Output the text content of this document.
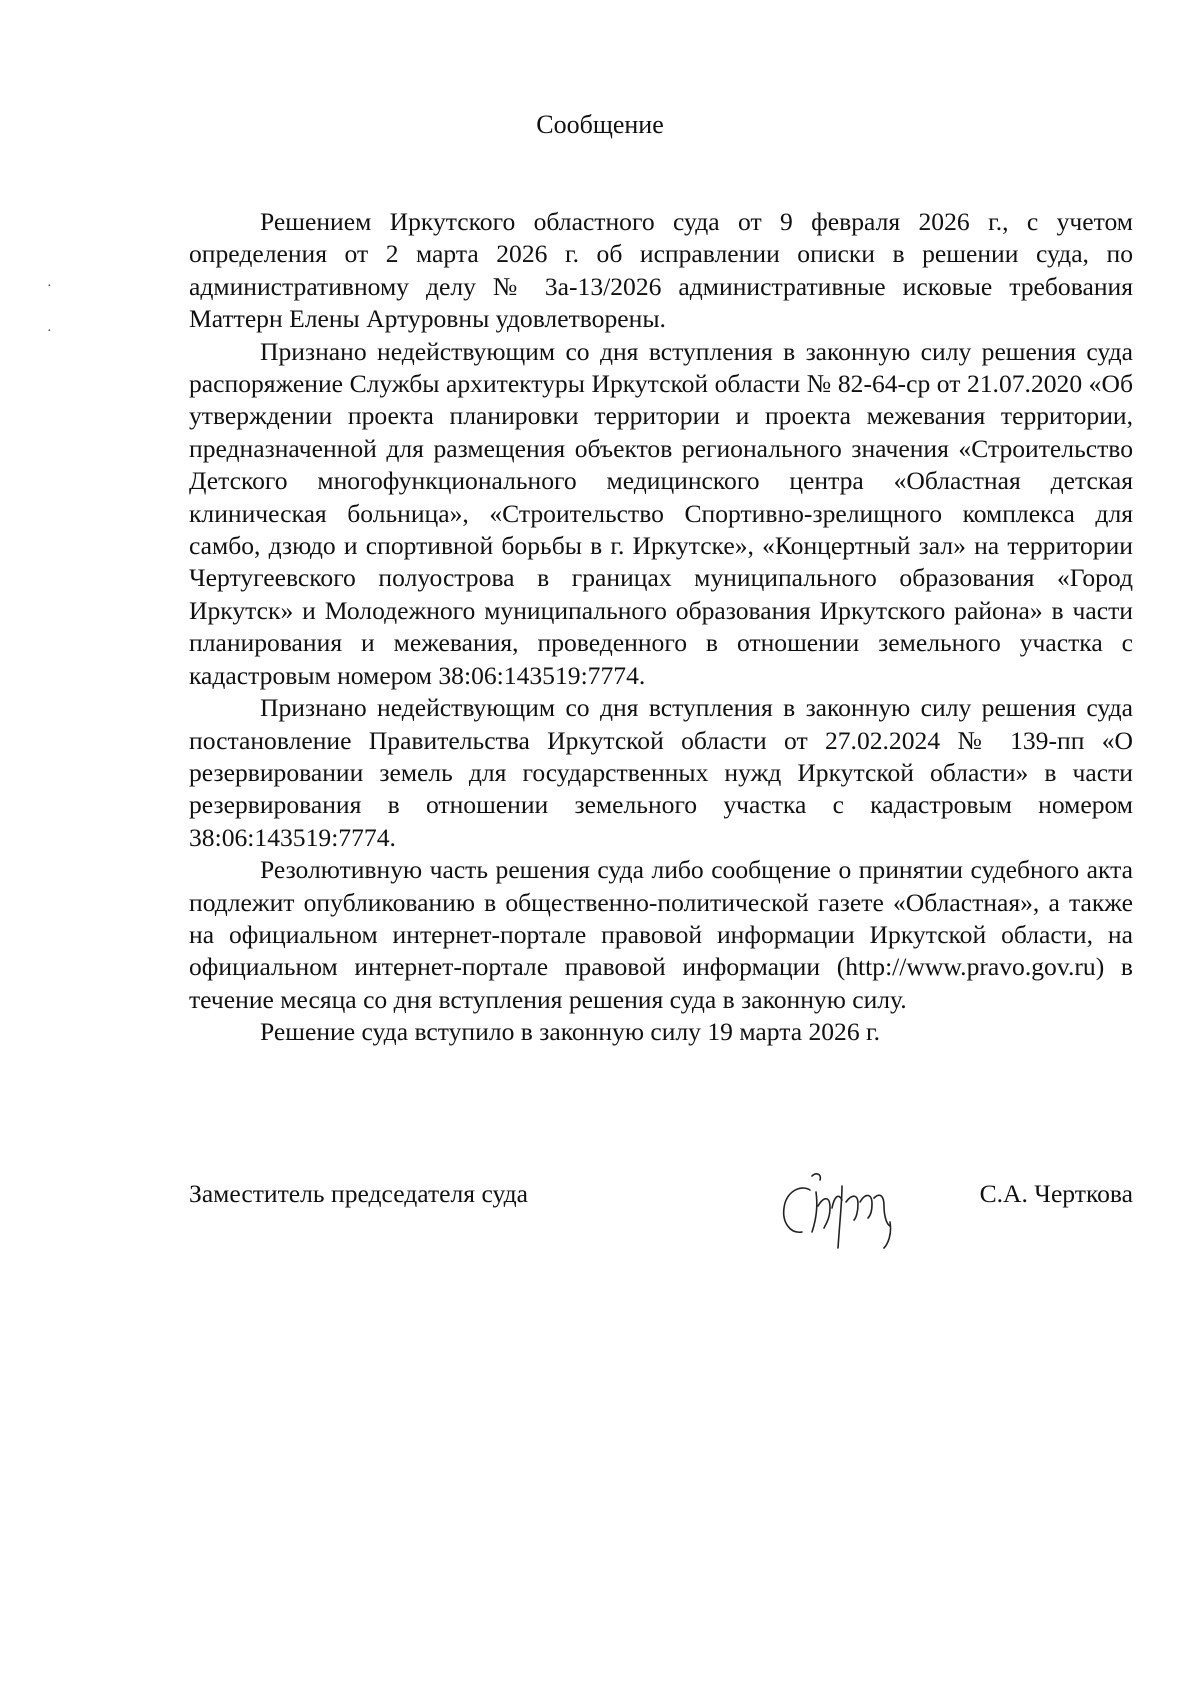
·
·
Сообщение

Решением Иркутского областного суда от 9 февраля 2026 г., с учетом определения от 2 марта 2026 г. об исправлении описки в решении суда, по административному делу № 3а-13/2026 административные исковые требования Маттерн Елены Артуровны удовлетворены.

Признано недействующим со дня вступления в законную силу решения суда распоряжение Службы архитектуры Иркутской области № 82-64-ср от 21.07.2020 «Об утверждении проекта планировки территории и проекта межевания территории, предназначенной для размещения объектов регионального значения «Строительство Детского многофункционального медицинского центра «Областная детская клиническая больница», «Строительство Спортивно-зрелищного комплекса для самбо, дзюдо и спортивной борьбы в г. Иркутске», «Концертный зал» на территории Чертугеевского полуострова в границах муниципального образования «Город Иркутск» и Молодежного муниципального образования Иркутского района» в части планирования и межевания, проведенного в отношении земельного участка с кадастровым номером 38:06:143519:7774.

Признано недействующим со дня вступления в законную силу решения суда постановление Правительства Иркутской области от 27.02.2024 № 139-пп «О резервировании земель для государственных нужд Иркутской области» в части резервирования в отношении земельного участка с кадастровым номером 38:06:143519:7774.

Резолютивную часть решения суда либо сообщение о принятии судебного акта подлежит опубликованию в общественно-политической газете «Областная», а также на официальном интернет-портале правовой информации Иркутской области, на официальном интернет-портале правовой информации (http://www.pravo.gov.ru) в течение месяца со дня вступления решения суда в законную силу.

Решение суда вступило в законную силу 19 марта 2026 г.

Заместитель председателя суда	С.А. Черткова
